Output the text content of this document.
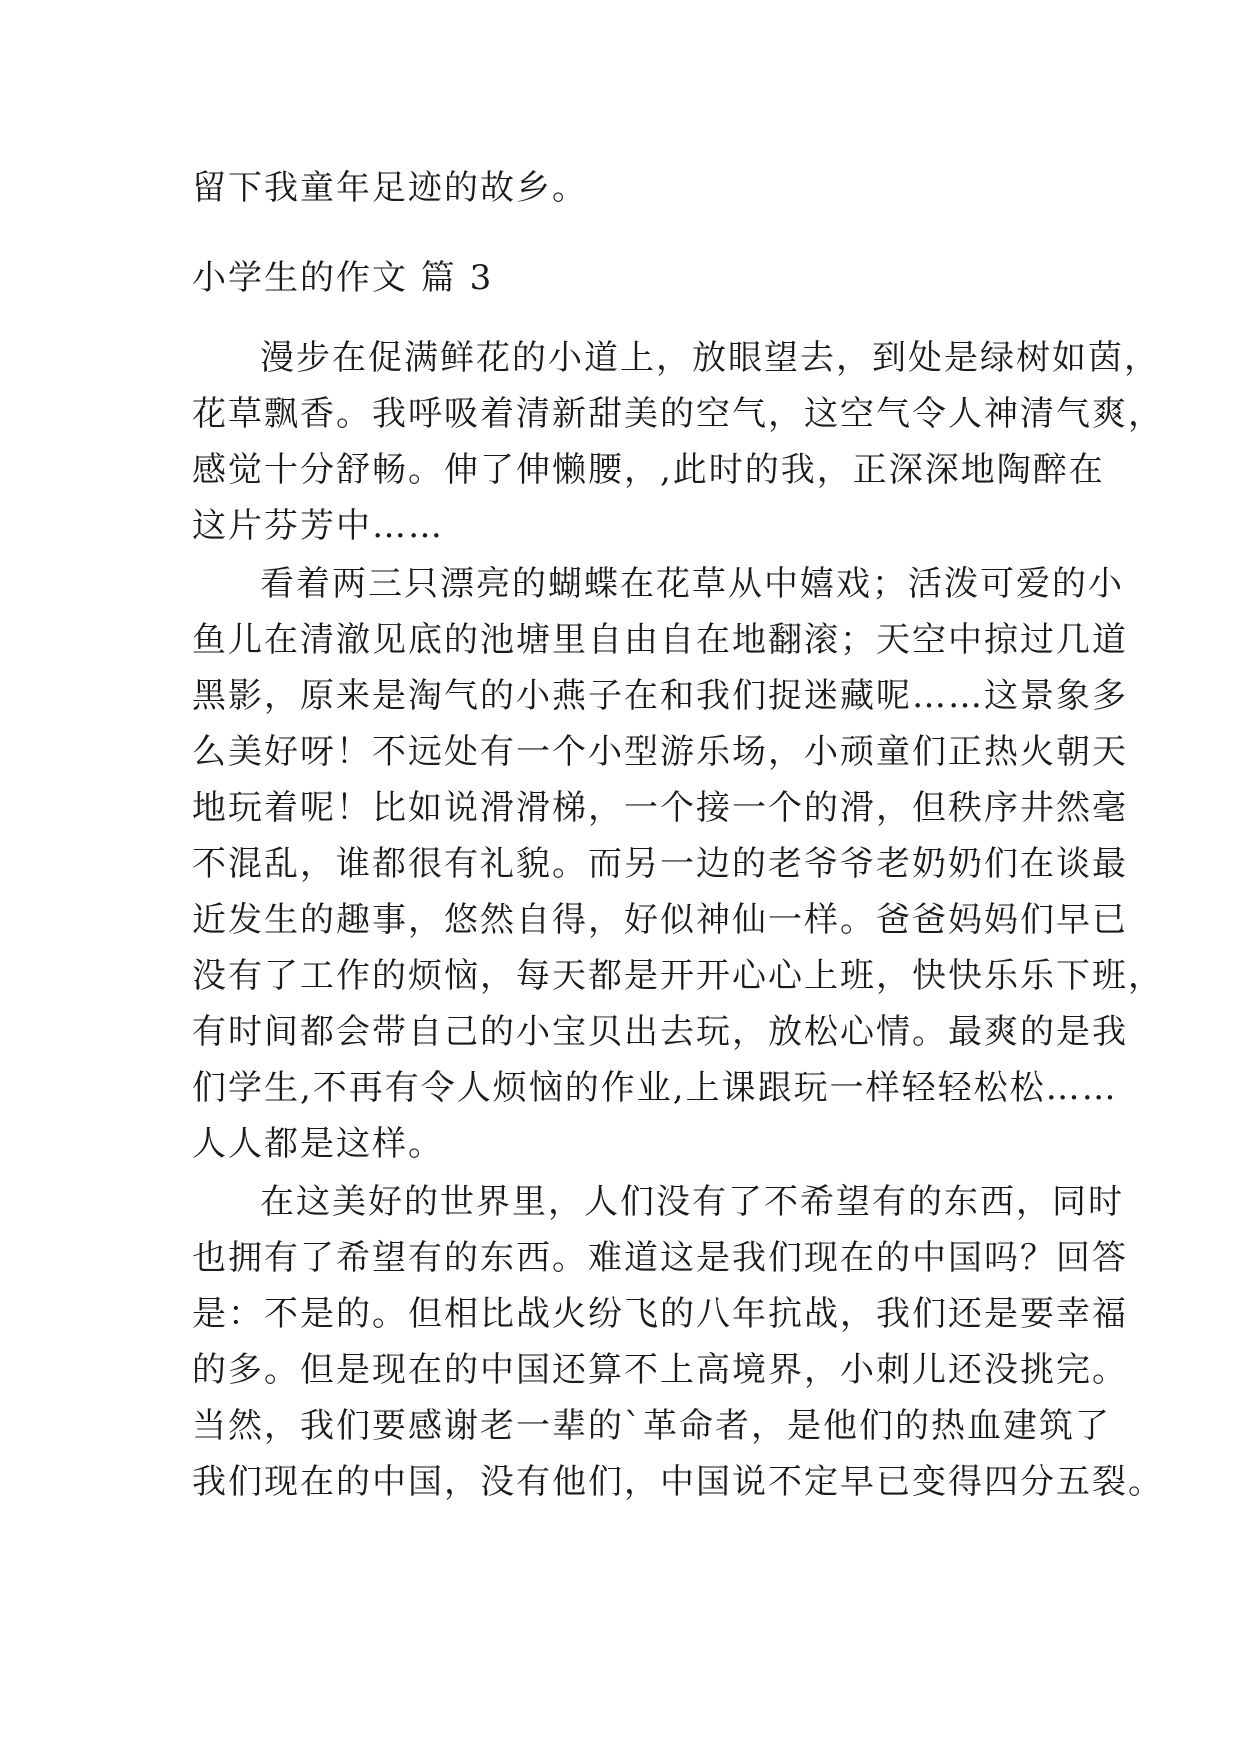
留下我童年足迹的故乡。
小学生的作文 篇 3
漫步在促满鲜花的小道上，放眼望去，到处是绿树如茵，
花草飘香。我呼吸着清新甜美的空气，这空气令人神清气爽，
感觉十分舒畅。伸了伸懒腰，,此时的我，正深深地陶醉在
这片芬芳中……
看着两三只漂亮的蝴蝶在花草从中嬉戏；活泼可爱的小
鱼儿在清澈见底的池塘里自由自在地翻滚；天空中掠过几道
黑影，原来是淘气的小燕子在和我们捉迷藏呢……这景象多
么美好呀！不远处有一个小型游乐场，小顽童们正热火朝天
地玩着呢！比如说滑滑梯，一个接一个的滑，但秩序井然毫
不混乱，谁都很有礼貌。而另一边的老爷爷老奶奶们在谈最
近发生的趣事，悠然自得，好似神仙一样。爸爸妈妈们早已
没有了工作的烦恼，每天都是开开心心上班，快快乐乐下班，
有时间都会带自己的小宝贝出去玩，放松心情。最爽的是我
们学生,不再有令人烦恼的作业,上课跟玩一样轻轻松松……
人人都是这样。
在这美好的世界里，人们没有了不希望有的东西，同时
也拥有了希望有的东西。难道这是我们现在的中国吗？回答
是：不是的。但相比战火纷飞的八年抗战，我们还是要幸福
的多。但是现在的中国还算不上高境界，小刺儿还没挑完。
当然，我们要感谢老一辈的`革命者，是他们的热血建筑了
我们现在的中国，没有他们，中国说不定早已变得四分五裂。
